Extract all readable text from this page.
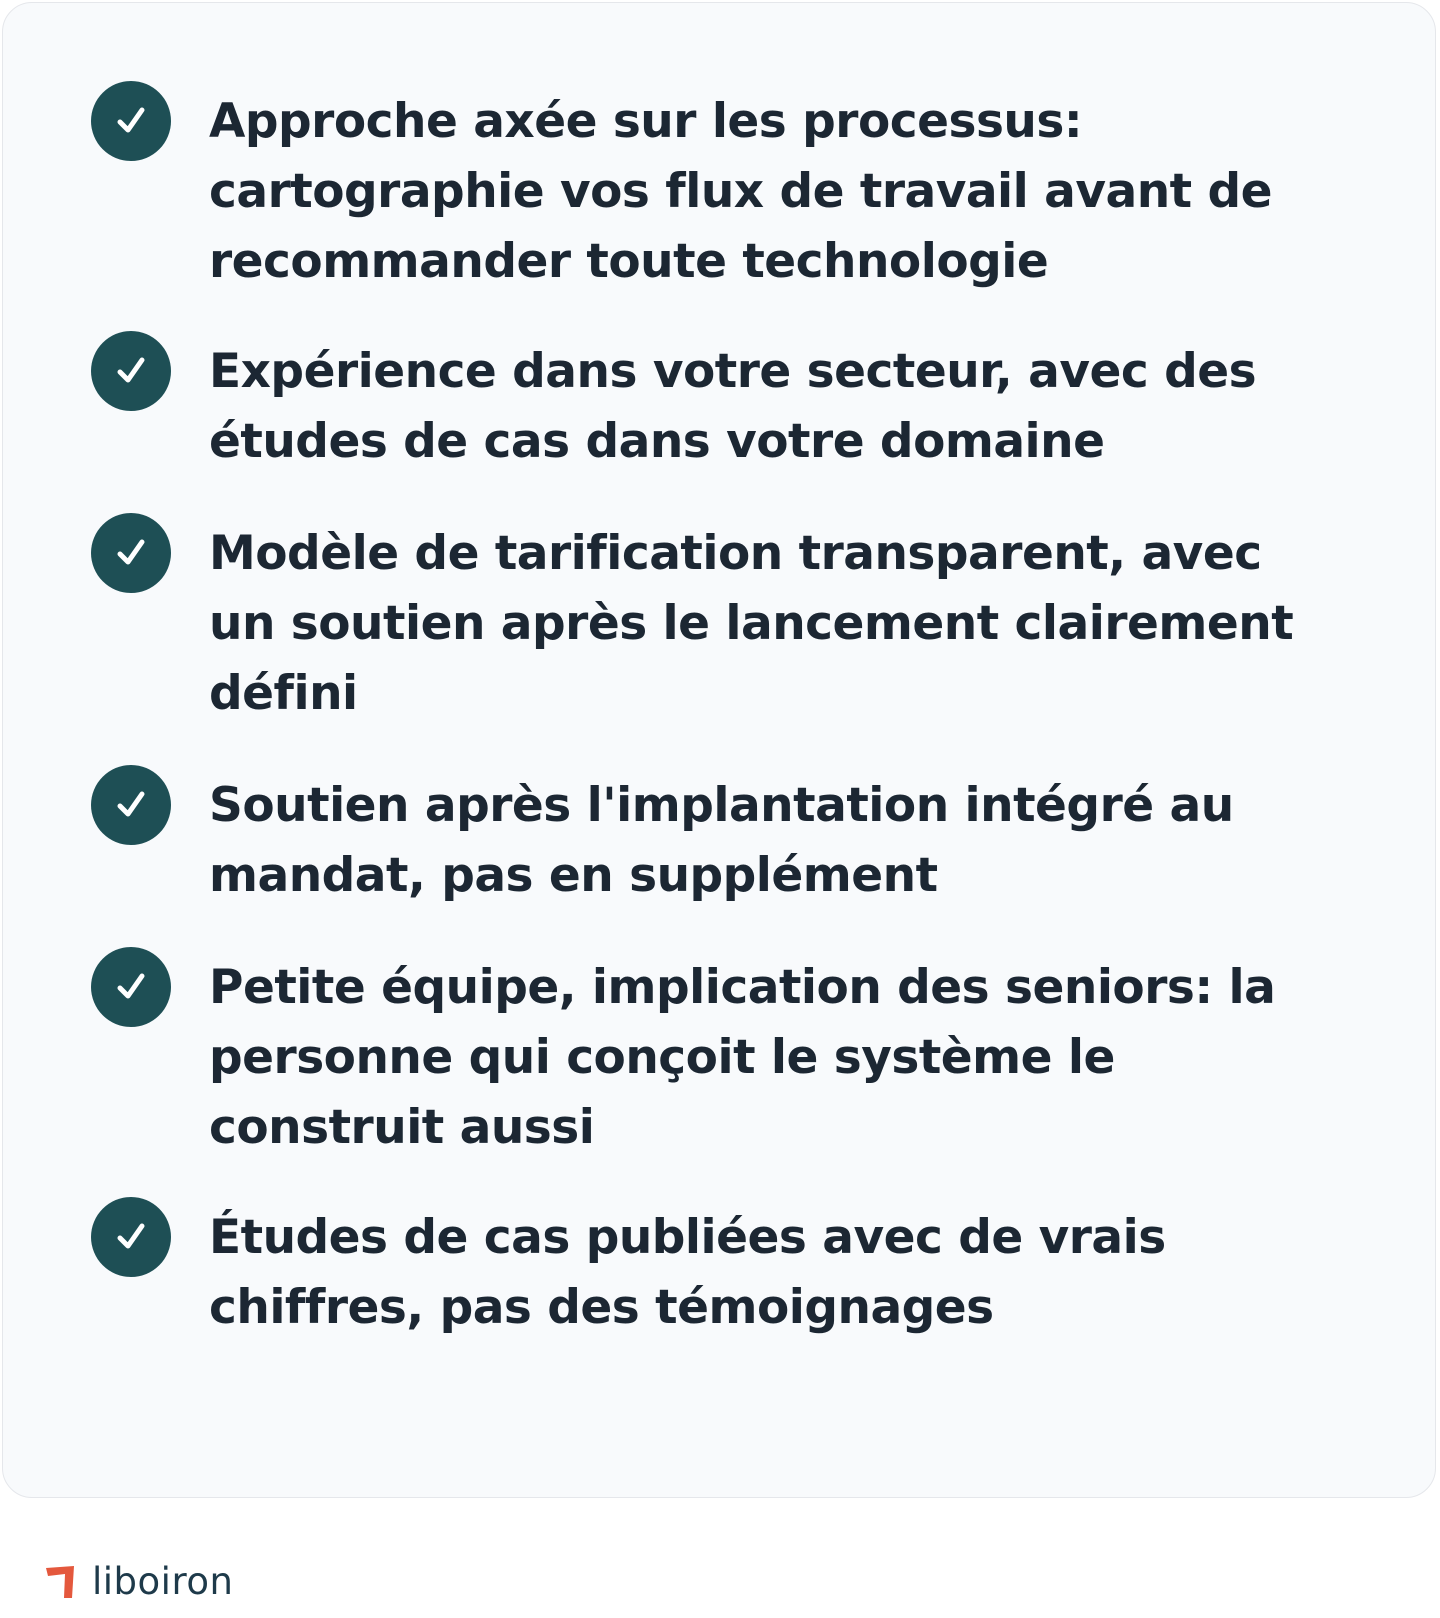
Approche axée sur les processus: cartographie vos flux de travail avant de recommander toute technologie

Expérience dans votre secteur, avec des études de cas dans votre domaine

Modèle de tarification transparent, avec un soutien après le lancement clairement défini

Soutien après l'implantation intégré au mandat, pas en supplément

Petite équipe, implication des seniors: la personne qui conçoit le système le construit aussi

Études de cas publiées avec de vrais chiffres, pas des témoignages

liboiron
